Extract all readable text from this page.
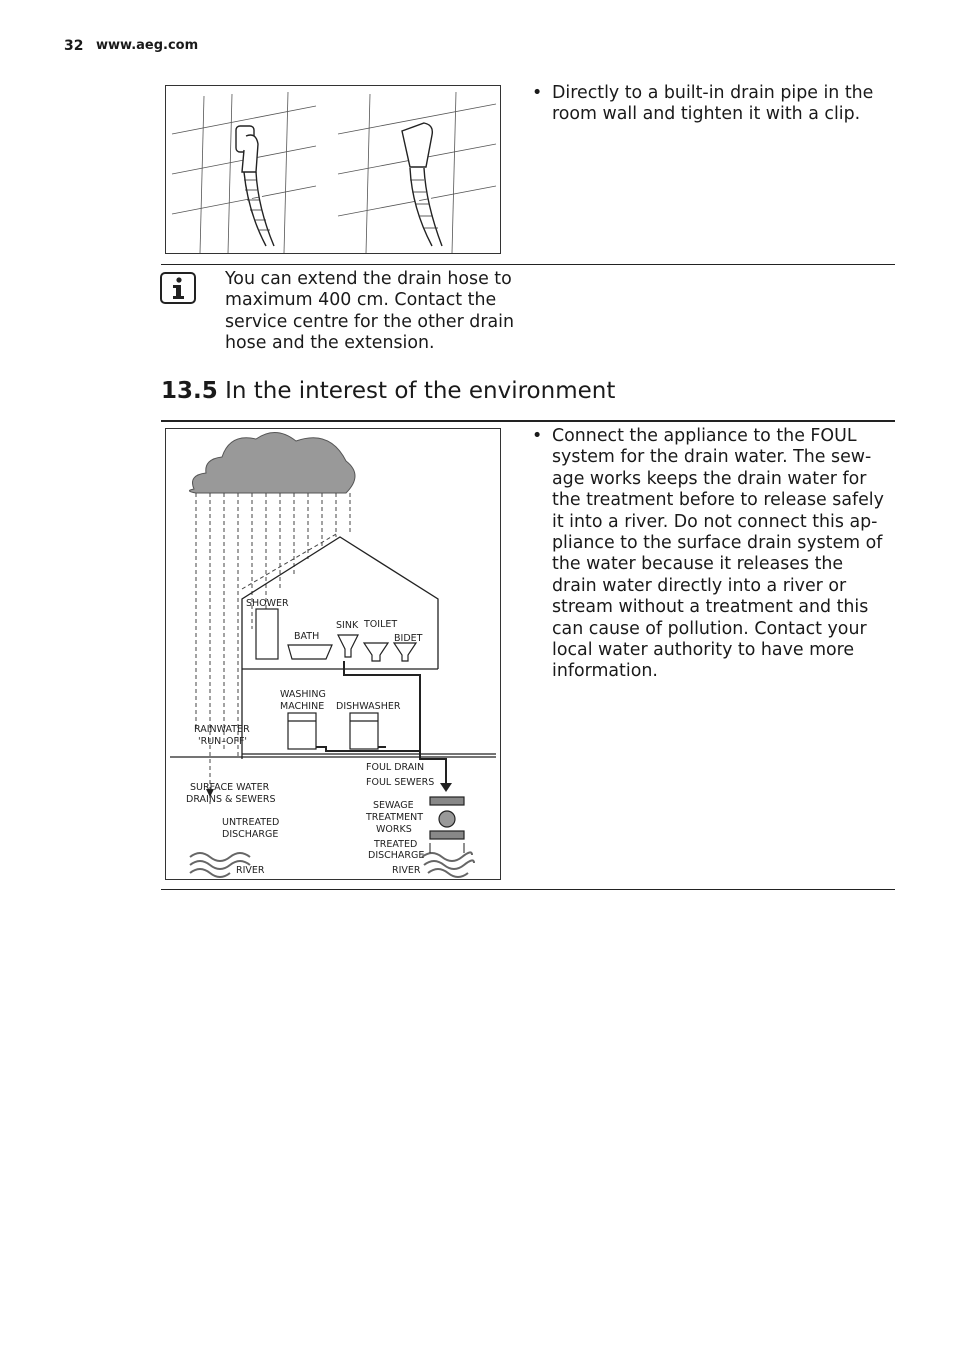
32 www.aeg.com
• Directly to a built-in drain pipe in the room wall and tighten it with a clip.
You can extend the drain hose to maximum 400 cm. Contact the service centre for the other drain hose and the extension.
13.5 In the interest of the environment
SHOWER
BATH
SINK TOILET
BIDET
WASHING
MACHINE DISHWASHER
RAINWATER
'RUN–OFF'
FOUL DRAIN
FOUL SEWERS
SURFACE WATER
DRAINS & SEWERS
SEWAGE
TREATMENT
WORKS
UNTREATED
DISCHARGE
TREATED
DISCHARGE
RIVER	RIVER
• Connect the appliance to the FOUL system for the drain water. The sew-age works keeps the drain water for the treatment before to release safely it into a river. Do not connect this ap-pliance to the surface drain system of the water because it releases the drain water directly into a river or stream without a treatment and this can cause of pollution. Contact your local water authority to have more information.
